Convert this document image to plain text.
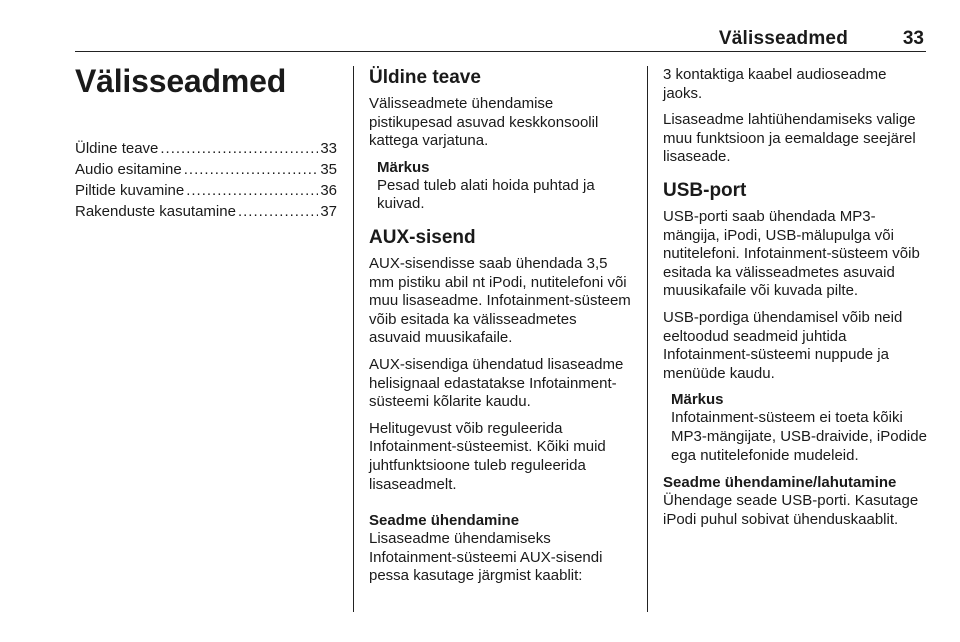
Välisseadmed	33
Välisseadmed
Üldine teave .....	33
Audio esitamine .....	35
Piltide kuvamine .....	36
Rakenduste kasutamine .....	37
Üldine teave

Välisseadmete ühendamise pistikupesad asuvad keskkonsoolil kattega varjatuna.

Märkus

Pesad tuleb alati hoida puhtad ja kuivad.

AUX-sisend

AUX-sisendisse saab ühendada 3,5 mm pistiku abil nt iPodi, nutitelefoni või muu lisaseadme. Infotainment-süsteem võib esitada ka välisseadmetes asuvaid muusikafaile.

AUX-sisendiga ühendatud lisaseadme helisignaal edastatakse Infotainment-süsteemi kõlarite kaudu.

Helitugevust võib reguleerida Infotainment-süsteemist. Kõiki muid juhtfunktsioone tuleb reguleerida lisaseadmelt.

Seadme ühendamine

Lisaseadme ühendamiseks Infotainment-süsteemi AUX-sisendi pessa kasutage järgmist kaablit:

3 kontaktiga kaabel audioseadme jaoks.

Lisaseadme lahtiühendamiseks valige muu funktsioon ja eemaldage seejärel lisaseade.

USB-port

USB-porti saab ühendada MP3-mängija, iPodi, USB-mälupulga või nutitelefoni. Infotainment-süsteem võib esitada ka välisseadmetes asuvaid muusikafaile või kuvada pilte.

USB-pordiga ühendamisel võib neid eeltoodud seadmeid juhtida Infotainment-süsteemi nuppude ja menüüde kaudu.

Märkus

Infotainment-süsteem ei toeta kõiki MP3-mängijate, USB-draivide, iPodide ega nutitelefonide mudeleid.

Seadme ühendamine/lahutamine

Ühendage seade USB-porti. Kasutage iPodi puhul sobivat ühenduskaablit.
